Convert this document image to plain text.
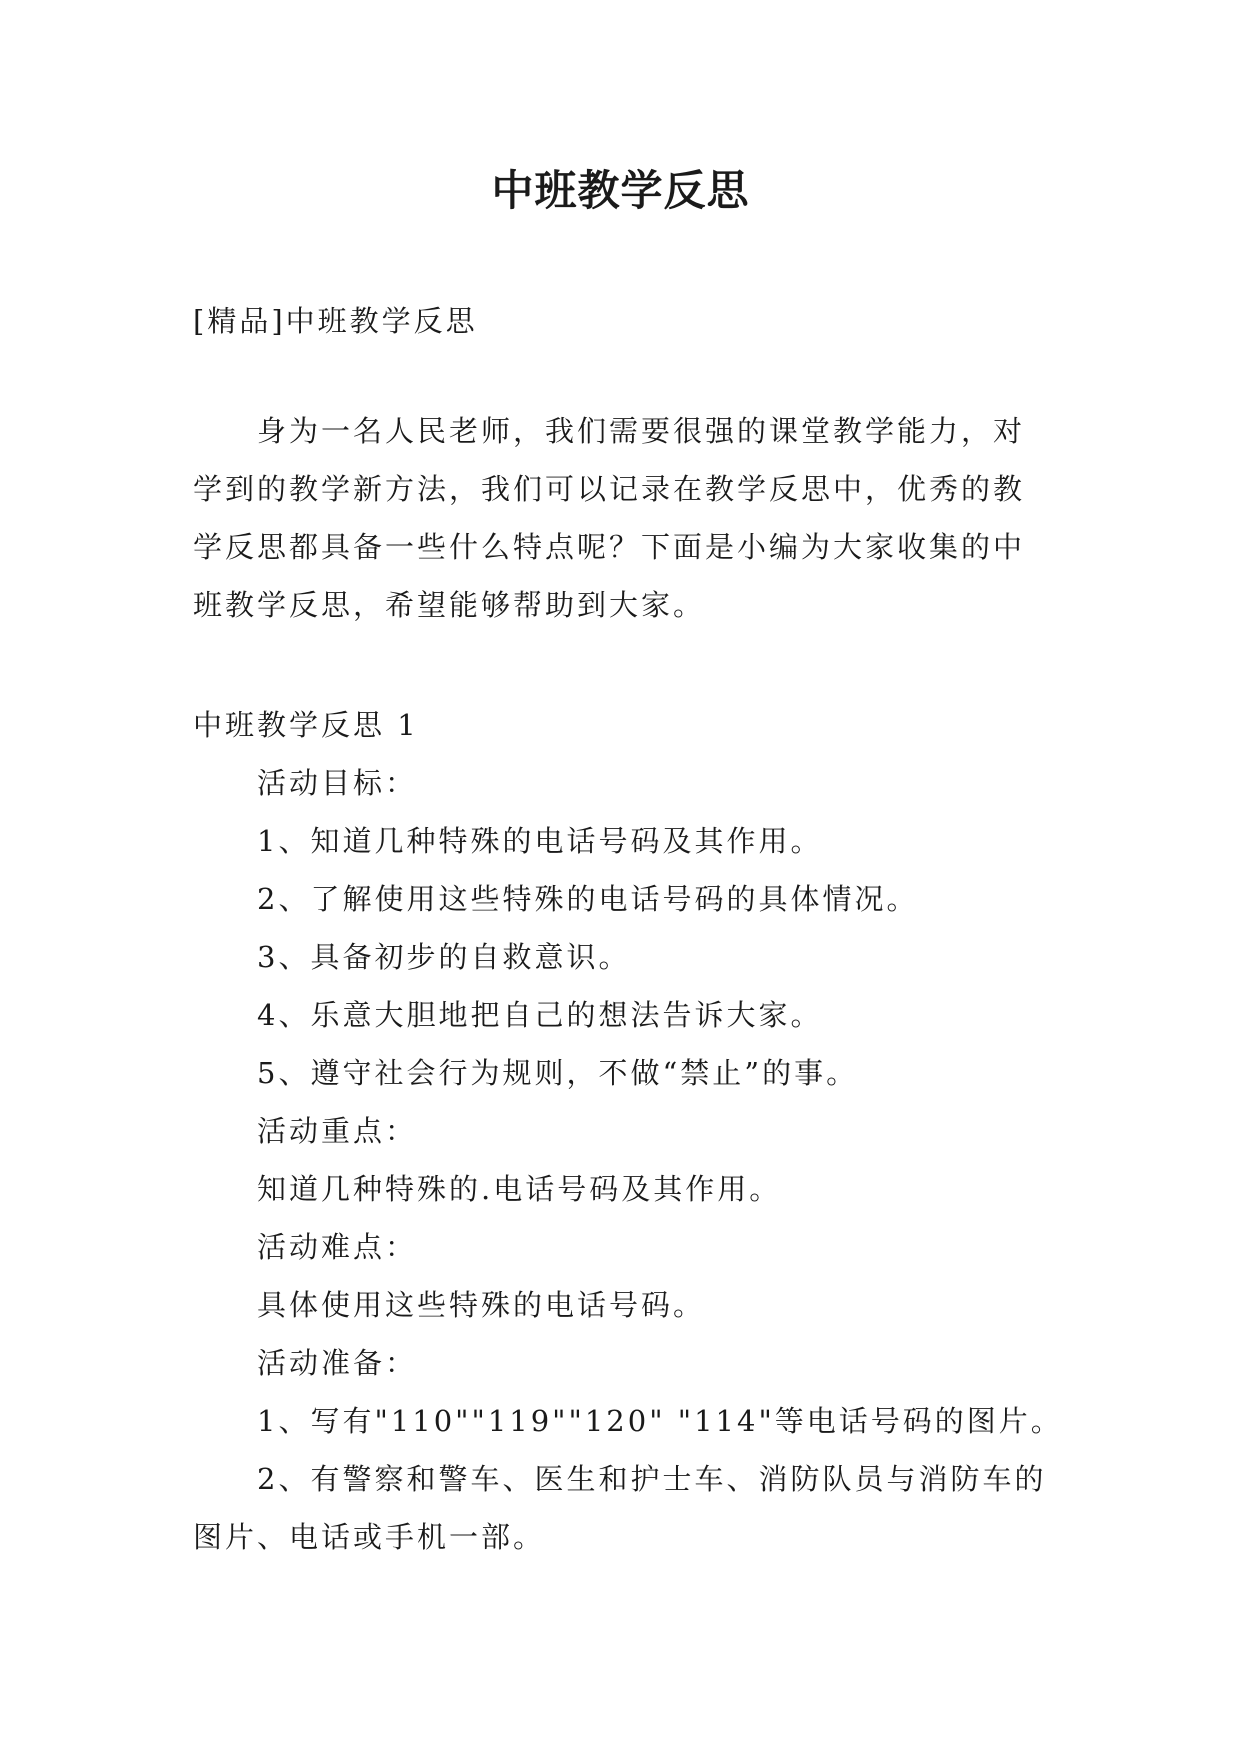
中班教学反思

[精品]中班教学反思

身为一名人民老师，我们需要很强的课堂教学能力，对学到的教学新方法，我们可以记录在教学反思中，优秀的教学反思都具备一些什么特点呢？下面是小编为大家收集的中班教学反思，希望能够帮助到大家。

中班教学反思 1

活动目标：

1、知道几种特殊的电话号码及其作用。

2、了解使用这些特殊的电话号码的具体情况。

3、具备初步的自救意识。

4、乐意大胆地把自己的想法告诉大家。

5、遵守社会行为规则，不做“禁止”的事。

活动重点：

知道几种特殊的.电话号码及其作用。

活动难点：

具体使用这些特殊的电话号码。

活动准备：

1、写有"110""119""120" "114"等电话号码的图片。

2、有警察和警车、医生和护士车、消防队员与消防车的图片、电话或手机一部。
